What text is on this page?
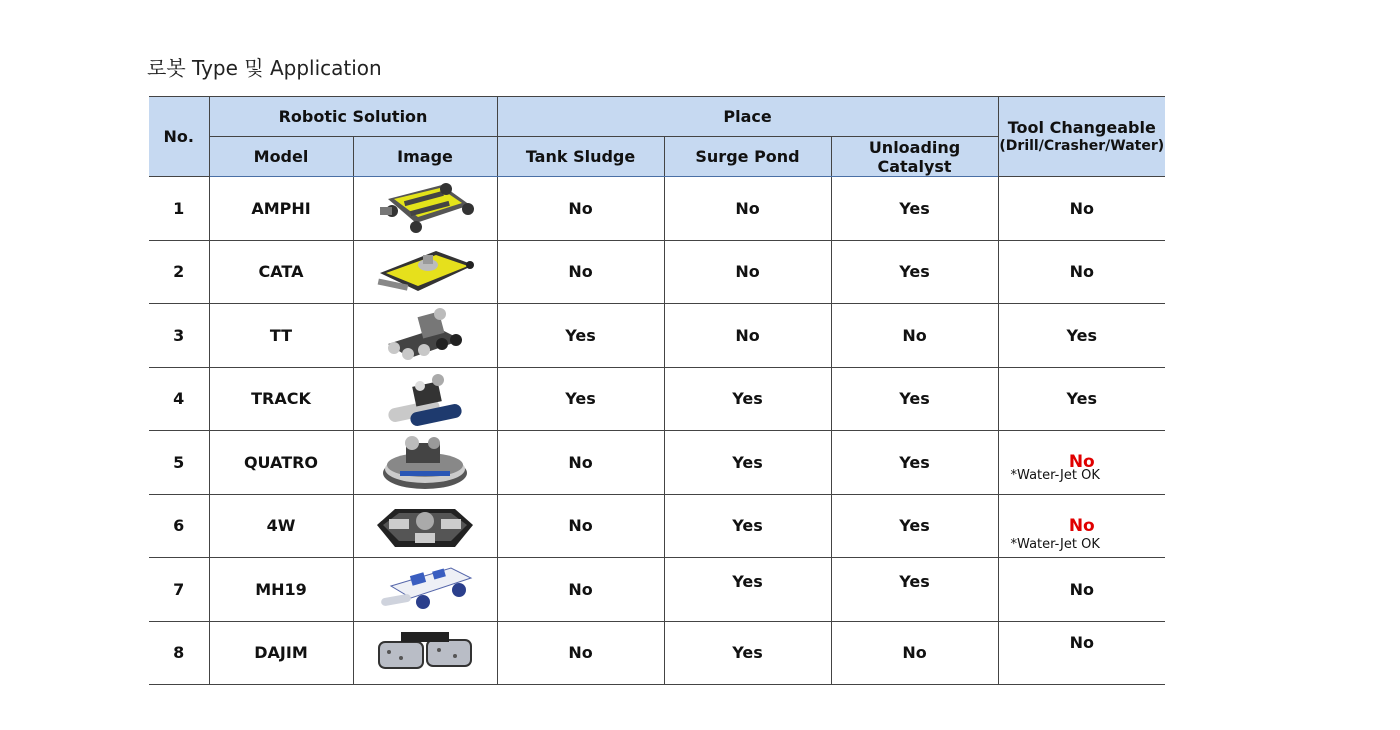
로봇 Type 및 Application
No.	Robotic Solution		Place			Tool Changeable
(Drill/Crasher/Water)

	Model	Image	Tank Sludge	Surge Pond	Unloading Catalyst	
1	AMPHI		No	No	Yes	No
2	CATA		No	No	Yes	No
3	TT		Yes	No	No	Yes
4	TRACK		Yes	Yes	Yes	Yes
5	QUATRO		No	Yes	Yes	No
*Water-Jet OK

6	4W		No	Yes	Yes	No
*Water-Jet OK

7	MH19		No	Yes	Yes	No
8	DAJIM		No	Yes	No	No
